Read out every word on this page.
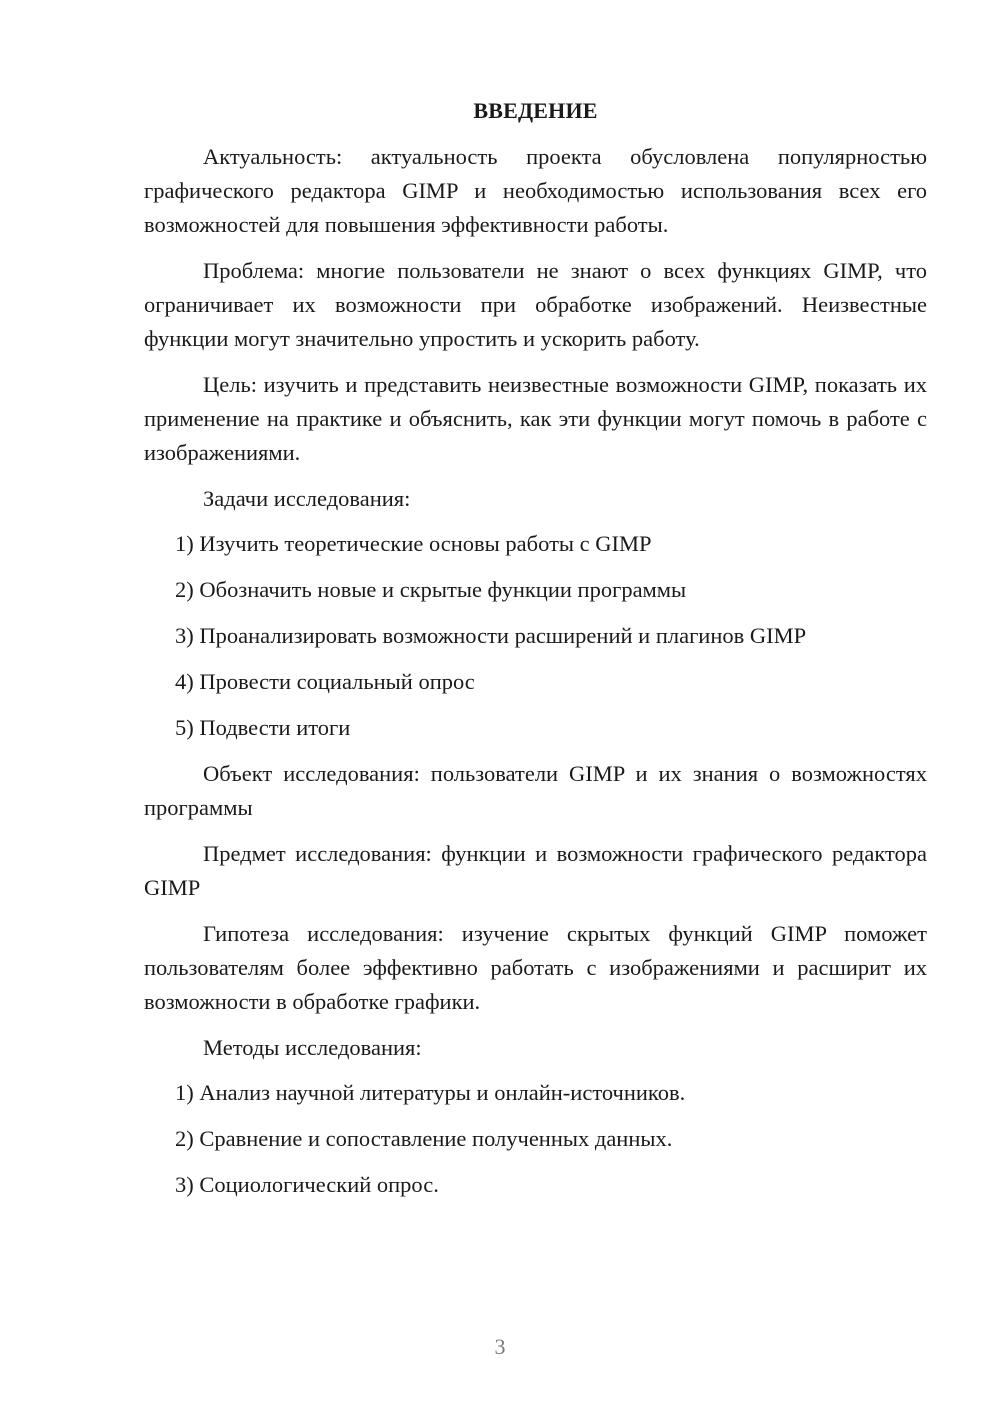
ВВЕДЕНИЕ

Актуальность: актуальность проекта обусловлена популярностью графического редактора GIMP и необходимостью использования всех его возможностей для повышения эффективности работы.

Проблема: многие пользователи не знают о всех функциях GIMP, что ограничивает их возможности при обработке изображений. Неизвестные функции могут значительно упростить и ускорить работу.

Цель: изучить и представить неизвестные возможности GIMP, показать их применение на практике и объяснить, как эти функции могут помочь в работе с изображениями.

Задачи исследования:

1) Изучить теоретические основы работы с GIMP
2) Обозначить новые и скрытые функции программы
3) Проанализировать возможности расширений и плагинов GIMP
4) Провести социальный опрос
5) Подвести итоги

Объект исследования: пользователи GIMP и их знания о возможностях программы

Предмет исследования: функции и возможности графического редактора GIMP

Гипотеза исследования: изучение скрытых функций GIMP поможет пользователям более эффективно работать с изображениями и расширит их возможности в обработке графики.

Методы исследования:

1) Анализ научной литературы и онлайн-источников.
2) Сравнение и сопоставление полученных данных.
3) Социологический опрос.
3
